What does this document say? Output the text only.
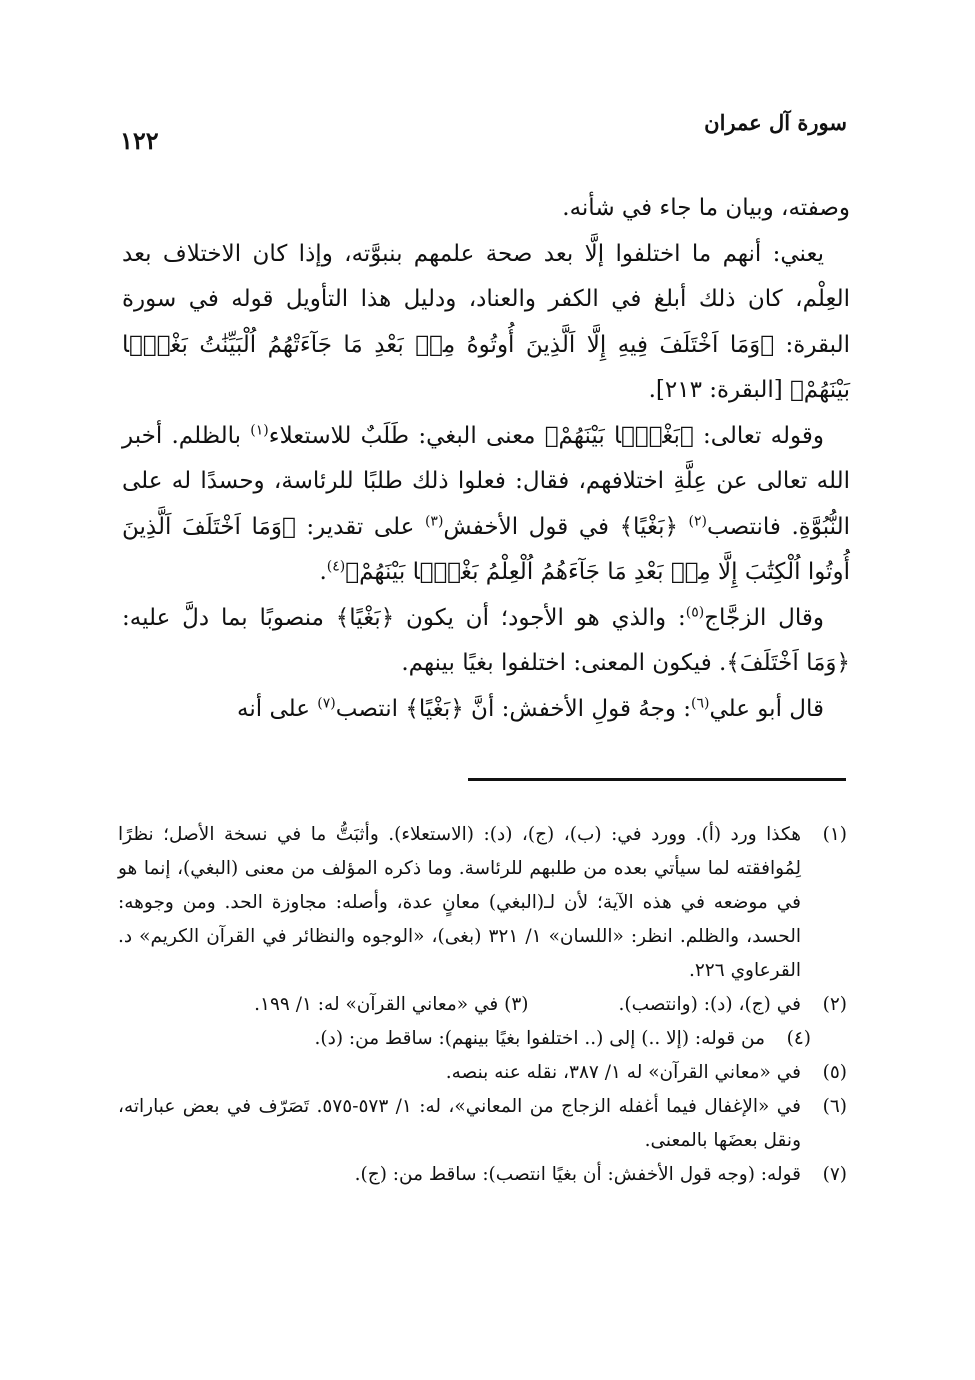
سورة آل عمران
١٢٢

وصفته، وبيان ما جاء في شأنه.

يعني: أنهم ما اختلفوا إلَّا بعد صحة علمهم بنبوَّته، وإذا كان الاختلاف بعد العِلْم، كان ذلك أبلغ في الكفر والعناد، ودليل هذا التأويل قوله في سورة البقرة: ﴿وَمَا اَخْتَلَفَ فِيهِ إِلَّا اَلَّذِينَ أُوتُوهُ مِنۢ بَعْدِ مَا جَآءَتْهُمُ اُلْبَيِّنَٰتُ بَغْيَۢا بَيْنَهُمْ﴾ [البقرة: ٢١٣].

وقوله تعالى: ﴿بَغْيَۢا بَيْنَهُمْ﴾ معنى البغي: طَلَبٌ للاستعلاء$^{(١)}$ بالظلم. أخبر الله تعالى عن عِلَّةِ اختلافهم، فقال: فعلوا ذلك طلبًا للرئاسة، وحسدًا له على النُّبُوَّةِ. فانتصب$^{(٢)}$ ﴿بَغْيًا﴾ في قول الأخفش$^{(٣)}$ على تقدير: ﴿وَمَا اَخْتَلَفَ اَلَّذِينَ أُوتُوا اُلْكِتَٰبَ إِلَّا مِنۢ بَعْدِ مَا جَآءَهُمُ اُلْعِلْمُ بَغْيَۢا بَيْنَهُمْ﴾$^{(٤)}$.

وقال الزجَّاج$^{(٥)}$: والذي هو الأجود؛ أن يكون ﴿بَغْيًا﴾ منصوبًا بما دلَّ عليه: ﴿وَمَا اَخْتَلَفَ﴾. فيكون المعنى: اختلفوا بغيًا بينهم.

قال أبو علي$^{(٦)}$: وجهُ قولِ الأخفش: أنَّ ﴿بَغْيًا﴾ انتصب$^{(٧)}$ على أنه

(١)
هكذا ورد (أ). وورد في: (ب)، (ج)، (د): (الاستعلاء). وأثبَتُّ ما في نسخة الأصل؛ نظرًا لِمُوافقته لما سيأتي بعده من طلبهم للرئاسة. وما ذكره المؤلف من معنى (البغي)، إنما هو في موضعه في هذه الآية؛ لأن لـ(البغي) معانٍ عدة، وأصله: مجاوزة الحد. ومن وجوهه: الحسد، والظلم. انظر: «اللسان» ١/ ٣٢١ (بغى)، «الوجوه والنظائر في القرآن الكريم» د. القرعاوي ٢٢٦.
(٢)
في (ج)، (د): (وانتصب).(٣) في «معاني القرآن» له: ١/ ١٩٩.
(٤)
من قوله: (إلا ..) إلى (.. اختلفوا بغيًا بينهم): ساقط من: (د).
(٥)
في «معاني القرآن» له ١/ ٣٨٧، نقله عنه بنصه.
(٦)
في «الإغفال فيما أغفله الزجاج من المعاني»، له: ١/ ٥٧٣-٥٧٥. تَصَرّف في بعض عباراته، ونقل بعضَها بالمعنى.
(٧)
قوله: (وجه قول الأخفش: أن بغيًا انتصب): ساقط من: (ج).
